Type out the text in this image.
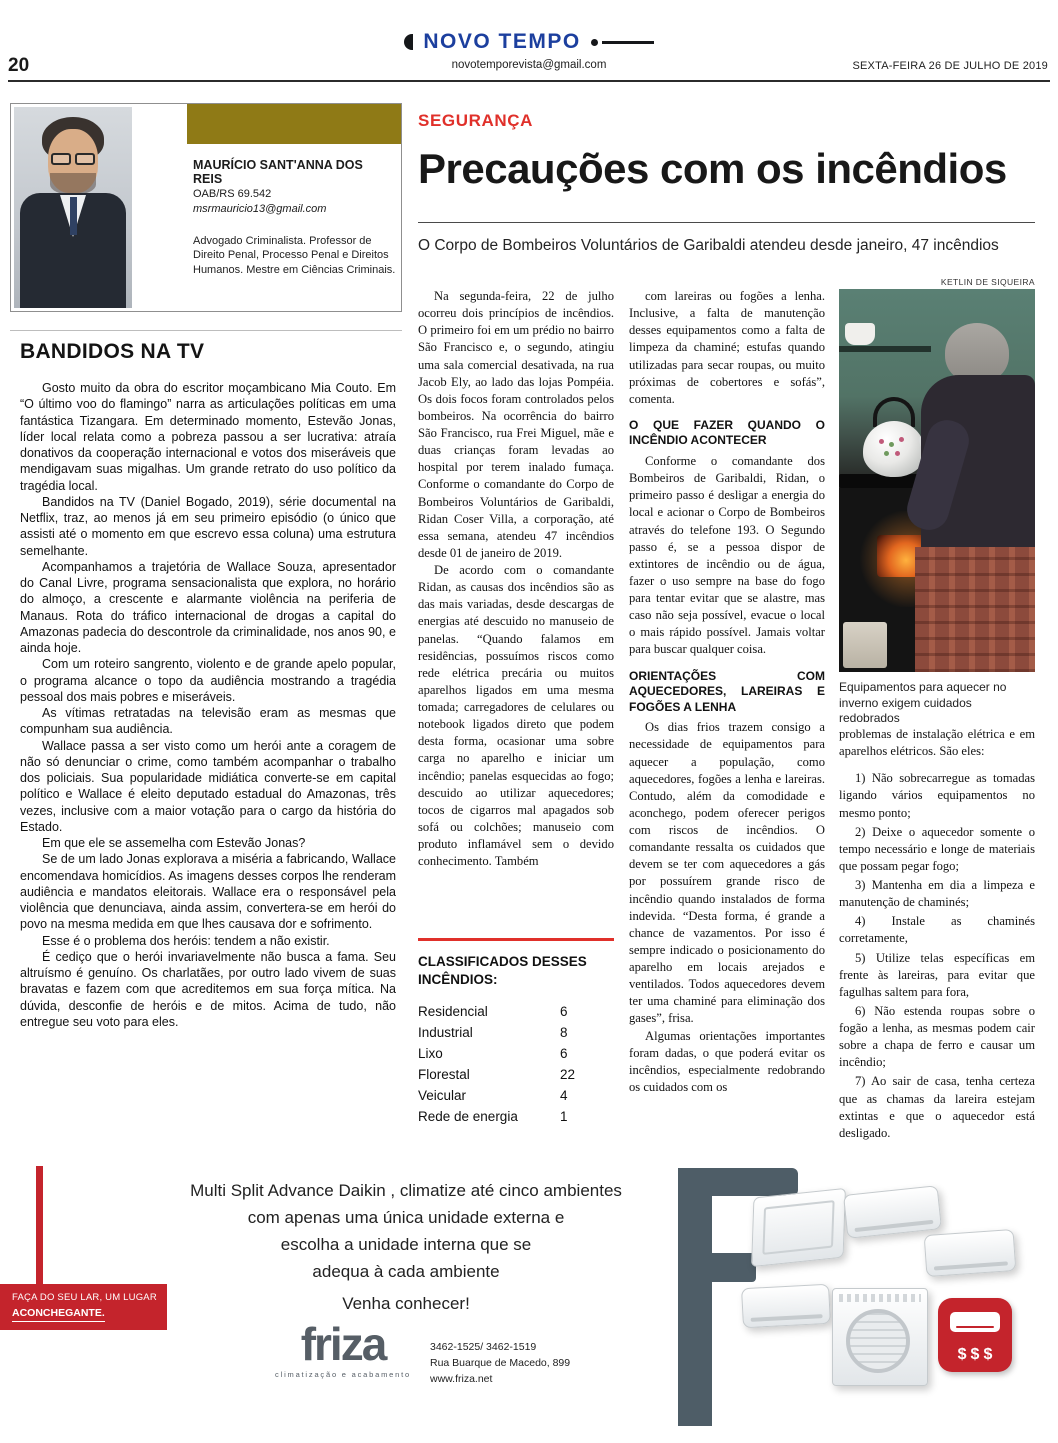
NOVO TEMPO
novotemporevista@gmail.com
20	SEXTA-FEIRA 26 DE JULHO DE 2019
MAURÍCIO SANT'ANNA DOS REIS
OAB/RS 69.542
msrmauricio13@gmail.com
Advogado Criminalista. Professor de Direito Penal, Processo Penal e Direitos Humanos. Mestre em Ciências Criminais.
BANDIDOS NA TV

Gosto muito da obra do escritor moçambicano Mia Couto. Em “O último voo do flamingo” narra as articulações políticas em uma fantástica Tizangara. Em determinado momento, Estevão Jonas, líder local relata como a pobreza passou a ser lucrativa: atraía donativos da cooperação internacional e votos dos miseráveis que mendigavam suas migalhas. Um grande retrato do uso político da tragédia local.

Bandidos na TV (Daniel Bogado, 2019), série documental na Netflix, traz, ao menos já em seu primeiro episódio (o único que assisti até o momento em que escrevo essa coluna) uma estrutura semelhante.

Acompanhamos a trajetória de Wallace Souza, apresentador do Canal Livre, programa sensacionalista que explora, no horário do almoço, a crescente e alarmante violência na periferia de Manaus. Rota do tráfico internacional de drogas a capital do Amazonas padecia do descontrole da criminalidade, nos anos 90, e ainda hoje.

Com um roteiro sangrento, violento e de grande apelo popular, o programa alcance o topo da audiência mostrando a tragédia pessoal dos mais pobres e miseráveis.

As vítimas retratadas na televisão eram as mesmas que compunham sua audiência.

Wallace passa a ser visto como um herói ante a coragem de não só denunciar o crime, como também acompanhar o trabalho dos policiais. Sua popularidade midiática converte-se em capital político e Wallace é eleito deputado estadual do Amazonas, três vezes, inclusive com a maior votação para o cargo da história do Estado.

Em que ele se assemelha com Estevão Jonas?

Se de um lado Jonas explorava a miséria a fabricando, Wallace encomendava homicídios. As imagens desses corpos lhe renderam audiência e mandatos eleitorais. Wallace era o responsável pela violência que denunciava, ainda assim, convertera-se em herói do povo na mesma medida em que lhes causava dor e sofrimento.

Esse é o problema dos heróis: tendem a não existir.

É cediço que o herói invariavelmente não busca a fama. Seu altruísmo é genuíno. Os charlatães, por outro lado vivem de suas bravatas e fazem com que acreditemos em sua força mítica. Na dúvida, desconfie de heróis e de mitos. Acima de tudo, não entregue seu voto para eles.

SEGURANÇA
Precauções com os incêndios
O Corpo de Bombeiros Voluntários de Garibaldi atendeu desde janeiro, 47 incêndios

Na segunda-feira, 22 de julho ocorreu dois princípios de incêndios. O primeiro foi em um prédio no bairro São Francisco e, o segundo, atingiu uma sala comercial desativada, na rua Jacob Ely, ao lado das lojas Pompéia. Os dois focos foram controlados pelos bombeiros. Na ocorrência do bairro São Francisco, rua Frei Miguel, mãe e duas crianças foram levadas ao hospital por terem inalado fumaça. Conforme o comandante do Corpo de Bombeiros Voluntários de Garibaldi, Ridan Coser Villa, a corporação, até essa semana, atendeu 47 incêndios desde 01 de janeiro de 2019.

De acordo com o comandante Ridan, as causas dos incêndios são as das mais variadas, desde descargas de energias até descuido no manuseio de panelas. “Quando falamos em residências, possuímos riscos como rede elétrica precária ou muitos aparelhos ligados em uma mesma tomada; carregadores de celulares ou notebook ligados direto que podem desta forma, ocasionar uma sobre carga no aparelho e iniciar um incêndio; panelas esquecidas ao fogo; descuido ao utilizar aquecedores; tocos de cigarros mal apagados sob sofá ou colchões; manuseio com produto inflamável sem o devido conhecimento. Também

CLASSIFICADOS DESSES INCÊNDIOS:
Residencial	6
Industrial	8
Lixo	6
Florestal	22
Veicular	4
Rede de energia	1

com lareiras ou fogões a lenha. Inclusive, a falta de manutenção desses equipamentos como a falta de limpeza da chaminé; estufas quando utilizadas para secar roupas, ou muito próximas de cobertores e sofás”, comenta.

O QUE FAZER QUANDO O INCÊNDIO ACONTECER

Conforme o comandante dos Bombeiros de Garibaldi, Ridan, o primeiro passo é desligar a energia do local e acionar o Corpo de Bombeiros através do telefone 193. O Segundo passo é, se a pessoa dispor de extintores de incêndio ou de água, fazer o uso sempre na base do fogo para tentar evitar que se alastre, mas caso não seja possível, evacue o local o mais rápido possível. Jamais voltar para buscar qualquer coisa.

ORIENTAÇÕES COM AQUECEDORES, LAREIRAS E FOGÕES A LENHA

Os dias frios trazem consigo a necessidade de equipamentos para aquecer a população, como aquecedores, fogões a lenha e lareiras. Contudo, além da comodidade e aconchego, podem oferecer perigos com riscos de incêndios. O comandante ressalta os cuidados que devem se ter com aquecedores a gás por possuírem grande risco de incêndio quando instalados de forma indevida. “Desta forma, é grande a chance de vazamentos. Por isso é sempre indicado o posicionamento do aparelho em locais arejados e ventilados. Todos aquecedores devem ter uma chaminé para eliminação dos gases”, frisa.

Algumas orientações importantes foram dadas, o que poderá evitar os incêndios, especialmente redobrando os cuidados com os

KETLIN DE SIQUEIRA
Equipamentos para aquecer no inverno exigem cuidados redobrados

problemas de instalação elétrica e em aparelhos elétricos. São eles:

1) Não sobrecarregue as tomadas ligando vários equipamentos no mesmo ponto;

2) Deixe o aquecedor somente o tempo necessário e longe de materiais que possam pegar fogo;

3) Mantenha em dia a limpeza e manutenção de chaminés;

4) Instale as chaminés corretamente,

5) Utilize telas específicas em frente às lareiras, para evitar que fagulhas saltem para fora,

6) Não estenda roupas sobre o fogão a lenha, as mesmas podem cair sobre a chapa de ferro e causar um incêndio;

7) Ao sair de casa, tenha certeza que as chamas da lareira estejam extintas e que o aquecedor está desligado.

Multi Split Advance Daikin , climatize até cinco ambientes
com apenas uma única unidade externa e
escolha a unidade interna que se
adequa à cada ambiente
Venha conhecer!
FAÇA DO SEU LAR, UM LUGAR
ACONCHEGANTE.
friza
climatização e acabamento
3462-1525/ 3462-1519
Rua Buarque de Macedo, 899
www.friza.net
$$$
